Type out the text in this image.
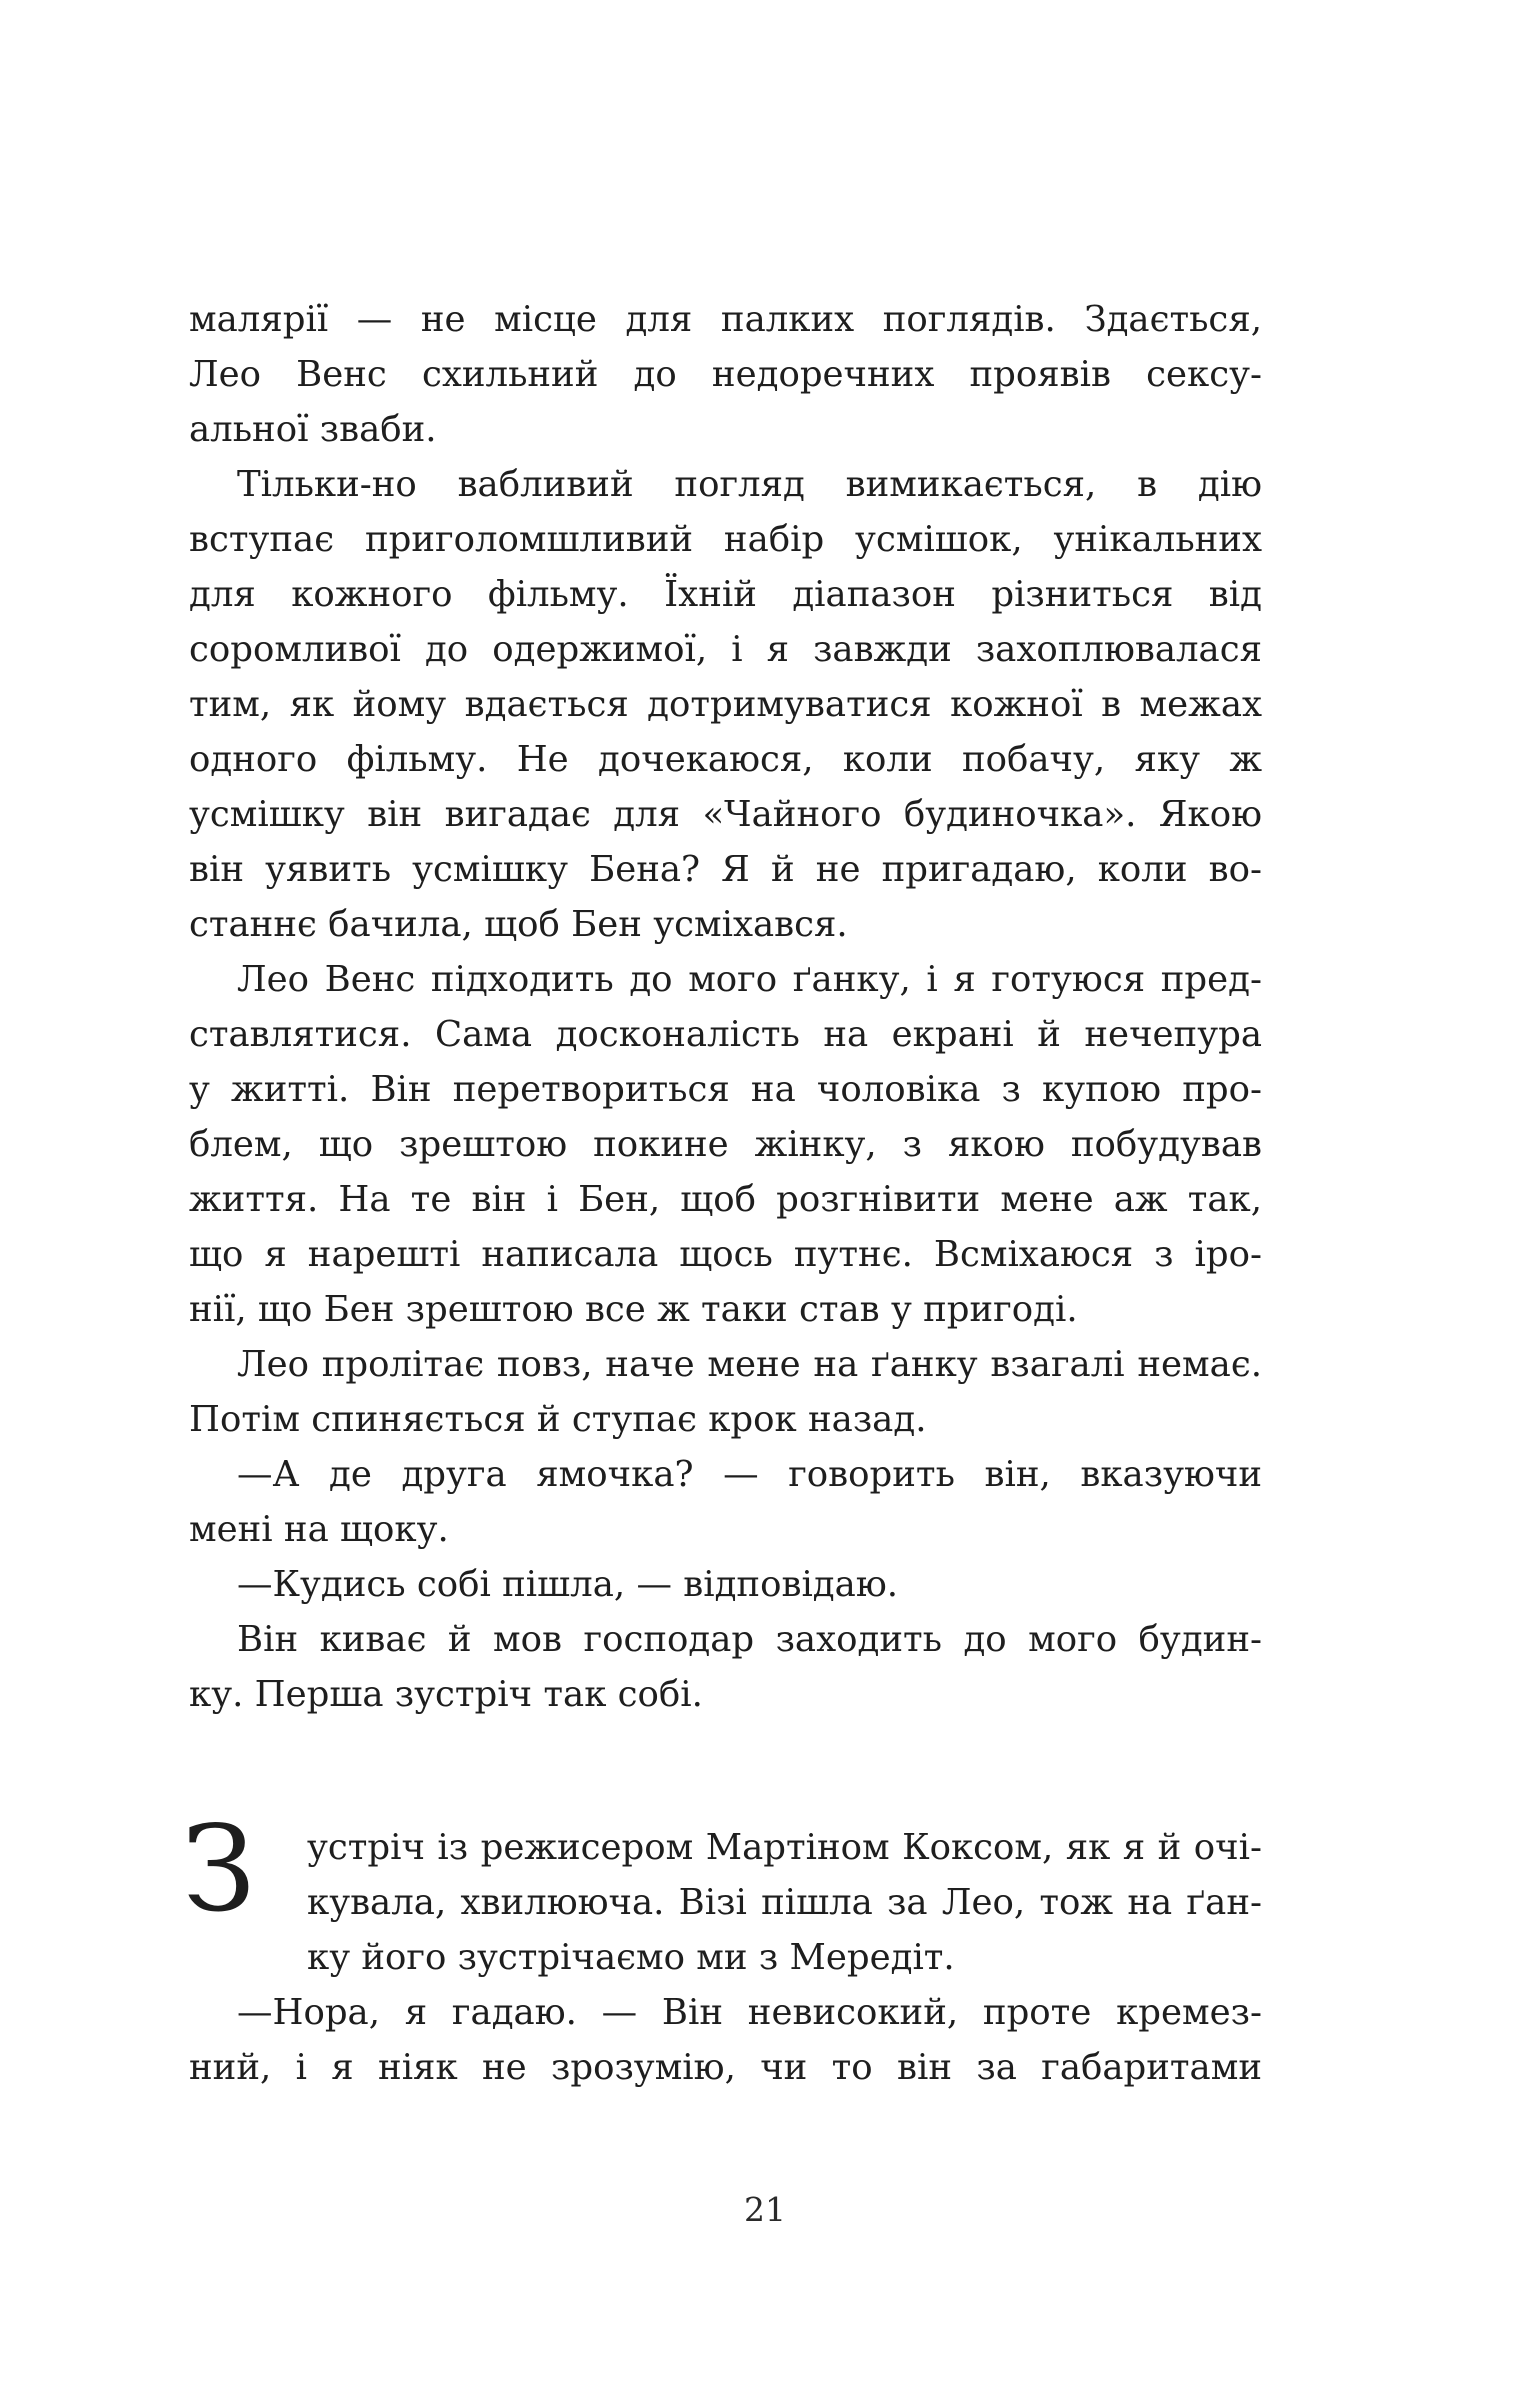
малярії — не місце для палких поглядів. Здається,
Лео Венс схильний до недоречних проявів сексу-
альної зваби.
Тільки-но вабливий погляд вимикається, в дію
вступає приголомшливий набір усмішок, унікальних
для кожного фільму. Їхній діапазон різниться від
соромливої до одержимої, і я завжди захоплювалася
тим, як йому вдається дотримуватися кожної в межах
одного фільму. Не дочекаюся, коли побачу, яку ж
усмішку він вигадає для «Чайного будиночка». Якою
він уявить усмішку Бена? Я й не пригадаю, коли во-
станнє бачила, щоб Бен усміхався.
Лео Венс підходить до мого ґанку, і я готуюся пред-
ставлятися. Сама досконалість на екрані й нечепура
у житті. Він перетвориться на чоловіка з купою про-
блем, що зрештою покине жінку, з якою побудував
життя. На те він і Бен, щоб розгнівити мене аж так,
що я нарешті написала щось путнє. Всміхаюся з іро-
нії, що Бен зрештою все ж таки став у пригоді.
Лео пролітає повз, наче мене на ґанку взагалі немає.
Потім спиняється й ступає крок назад.
—А де друга ямочка? — говорить він, вказуючи
мені на щоку.
—Кудись собі пішла, — відповідаю.
Він киває й мов господар заходить до мого будин-
ку. Перша зустріч так собі.
З устріч із режисером Мартіном Коксом, як я й очі-
кувала, хвилююча. Візі пішла за Лео, тож на ґан-
ку його зустрічаємо ми з Мередіт.
—Нора, я гадаю. — Він невисокий, проте кремез-
ний, і я ніяк не зрозумію, чи то він за габаритами
21
